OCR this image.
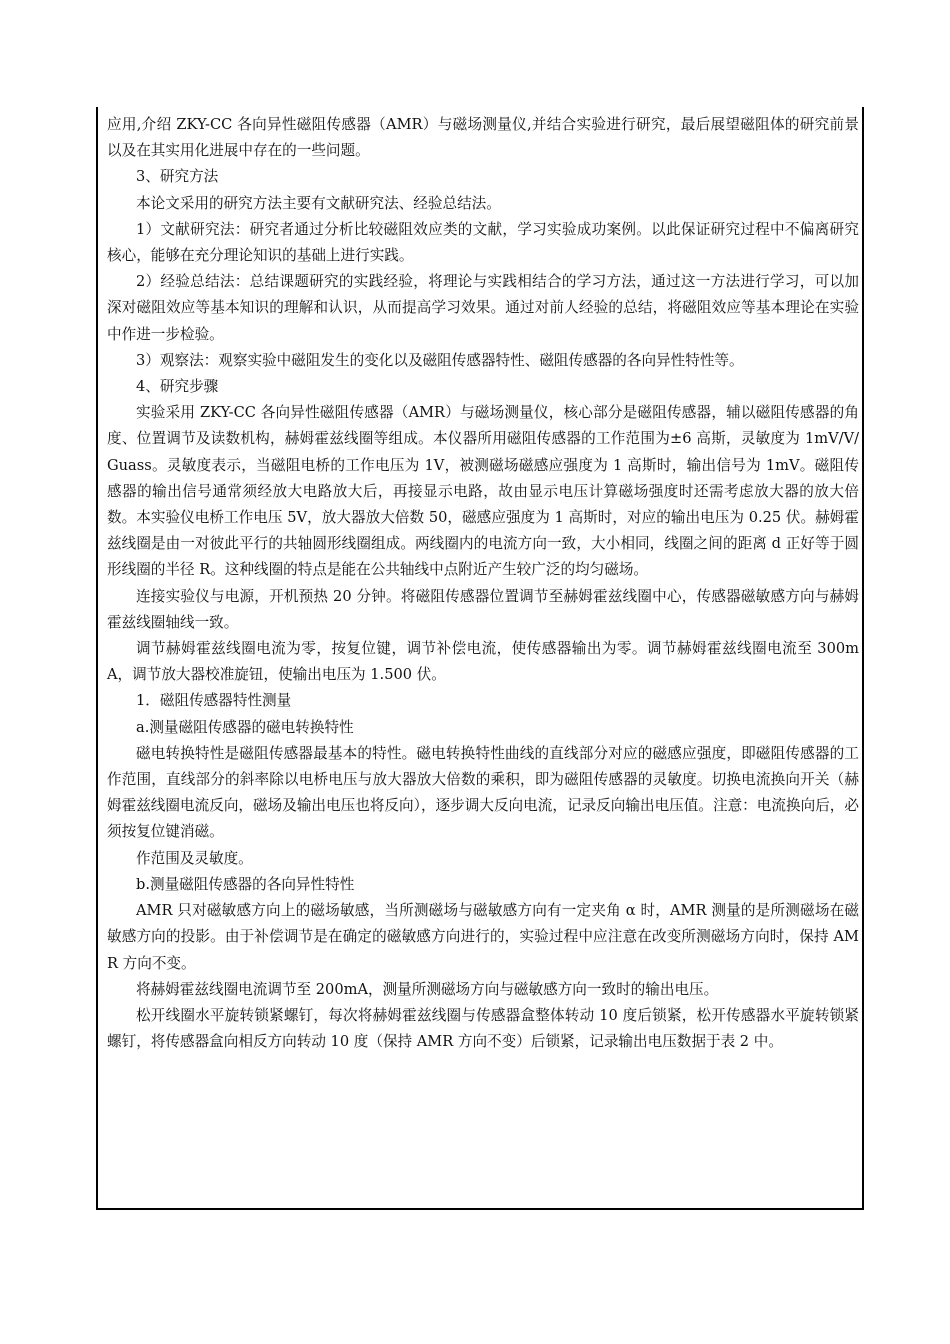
应用,介绍 ZKY-CC 各向异性磁阻传感器（AMR）与磁场测量仪,并结合实验进行研究，最后展望磁阻体的研究前景以及在其实用化进展中存在的一些问题。

3、研究方法

本论文采用的研究方法主要有文献研究法、经验总结法。

1）文献研究法：研究者通过分析比较磁阻效应类的文献，学习实验成功案例。以此保证研究过程中不偏离研究核心，能够在充分理论知识的基础上进行实践。

2）经验总结法：总结课题研究的实践经验，将理论与实践相结合的学习方法，通过这一方法进行学习，可以加深对磁阻效应等基本知识的理解和认识，从而提高学习效果。通过对前人经验的总结，将磁阻效应等基本理论在实验中作进一步检验。

3）观察法：观察实验中磁阻发生的变化以及磁阻传感器特性、磁阻传感器的各向异性特性等。

4、研究步骤

实验采用 ZKY-CC 各向异性磁阻传感器（AMR）与磁场测量仪，核心部分是磁阻传感器，辅以磁阻传感器的角度、位置调节及读数机构，赫姆霍兹线圈等组成。本仪器所用磁阻传感器的工作范围为±6 高斯，灵敏度为 1mV/V/Guass。灵敏度表示，当磁阻电桥的工作电压为 1V，被测磁场磁感应强度为 1 高斯时，输出信号为 1mV。磁阻传感器的输出信号通常须经放大电路放大后，再接显示电路，故由显示电压计算磁场强度时还需考虑放大器的放大倍数。本实验仪电桥工作电压 5V，放大器放大倍数 50，磁感应强度为 1 高斯时，对应的输出电压为 0.25 伏。赫姆霍兹线圈是由一对彼此平行的共轴圆形线圈组成。两线圈内的电流方向一致，大小相同，线圈之间的距离 d 正好等于圆形线圈的半径 R。这种线圈的特点是能在公共轴线中点附近产生较广泛的均匀磁场。

连接实验仪与电源，开机预热 20 分钟。将磁阻传感器位置调节至赫姆霍兹线圈中心，传感器磁敏感方向与赫姆霍兹线圈轴线一致。

调节赫姆霍兹线圈电流为零，按复位键，调节补偿电流，使传感器输出为零。调节赫姆霍兹线圈电流至 300mA，调节放大器校准旋钮，使输出电压为 1.500 伏。

1．磁阻传感器特性测量

a.测量磁阻传感器的磁电转换特性

磁电转换特性是磁阻传感器最基本的特性。磁电转换特性曲线的直线部分对应的磁感应强度，即磁阻传感器的工作范围，直线部分的斜率除以电桥电压与放大器放大倍数的乘积，即为磁阻传感器的灵敏度。切换电流换向开关（赫姆霍兹线圈电流反向，磁场及输出电压也将反向），逐步调大反向电流，记录反向输出电压值。注意：电流换向后，必须按复位键消磁。

作范围及灵敏度。

b.测量磁阻传感器的各向异性特性

AMR 只对磁敏感方向上的磁场敏感，当所测磁场与磁敏感方向有一定夹角 α 时，AMR 测量的是所测磁场在磁敏感方向的投影。由于补偿调节是在确定的磁敏感方向进行的，实验过程中应注意在改变所测磁场方向时，保持 AMR 方向不变。

将赫姆霍兹线圈电流调节至 200mA，测量所测磁场方向与磁敏感方向一致时的输出电压。

松开线圈水平旋转锁紧螺钉，每次将赫姆霍兹线圈与传感器盒整体转动 10 度后锁紧，松开传感器水平旋转锁紧螺钉，将传感器盒向相反方向转动 10 度（保持 AMR 方向不变）后锁紧，记录输出电压数据于表 2 中。
